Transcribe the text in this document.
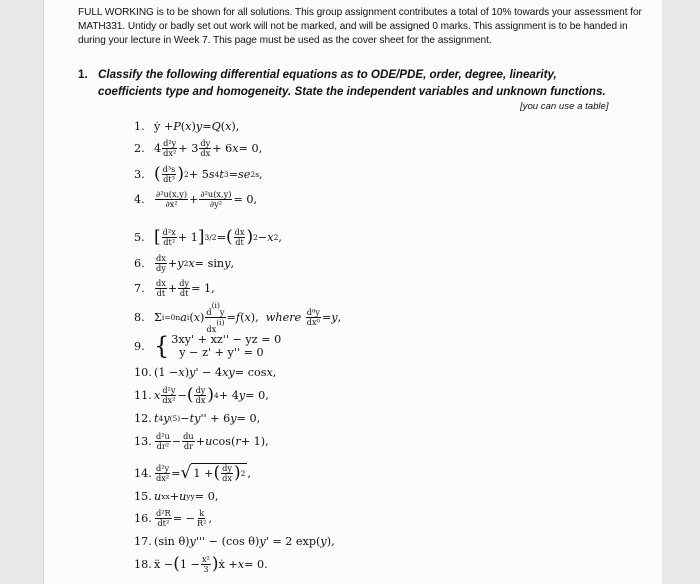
FULL WORKING is to be shown for all solutions. This group assignment contributes a total of 10% towards your assessment for MATH331. Untidy or badly set out work will not be marked, and will be assigned 0 marks. This assignment is to be handed in during your lecture in Week 7. This page must be used as the cover sheet for the assignment.
1. Classify the following differential equations as to ODE/PDE, order, degree, linearity,
coefficients type and homogeneity. State the independent variables and unknown functions.
[you can use a table]
1. ẏ + P ( x ) y = Q ( x ),
2. $4 \frac{\text{d²y}}{\text{dx²}} + 3 \frac{dy}{dx} + 6$ x = 0,
3. ( $\frac{\text{d³s}}{\text{dt³}}$ ) 2 + 5 s 4 t 3 = se 2s ,
4.	$\frac{\text{∂²u(x,y)}}{\text{∂x²}} + \frac{\text{∂²u(x,y)}}{\text{∂y²}} = 0$,
5. [ $\frac{\text{d²x}}{\text{dt²}} + 1$ ] 3/2 = ( $\frac{dx}{dt}$ ) 2 − x 2 ,
6.	$\frac{dx}{dy} + y$ 2 x = sin y ,
7.	$\frac{dx}{dt} + \frac{dy}{dt} = 1$,
8. Σ i=0 n a i ( x ) $\frac{d^{(i)}y}{dx^{(i)}} = f$ ( x ), where
$\frac{\text{d⁰y}}{\text{dx⁰}} = y$ ,
9. { 3xy' + xz'' − yz = 0
y − z' + y'' = 0
10. (1 − x ) y ' − 4 xy = cos x ,
11. x $\frac{\text{d²y}}{\text{dx²}}$ − ( $\frac{dy}{dx}$ ) 4 + 4 y = 0,
12. t 4 y (5) − ty '' + 6 y = 0,
13. $\frac{\text{d²u}}{\text{dr²}} - \frac{du}{dr} + u$ cos( r + 1),
14. $\frac{\text{d²y}}{\text{dx²}}$ = √ 1 + ( $\frac{dy}{dx}$ ) 2 ,
15. u xx + u yy = 0,
16. $\frac{\text{d²R}}{\text{dt²}}$ = − $\frac{k}{\text{R²}}$ ,
17. (sin θ) y ''' − (cos θ) y ' = 2 exp( y ),
18. ẍ − ( $1 - \frac{\text{x²}}{3}$ ) ẋ + x = 0.
